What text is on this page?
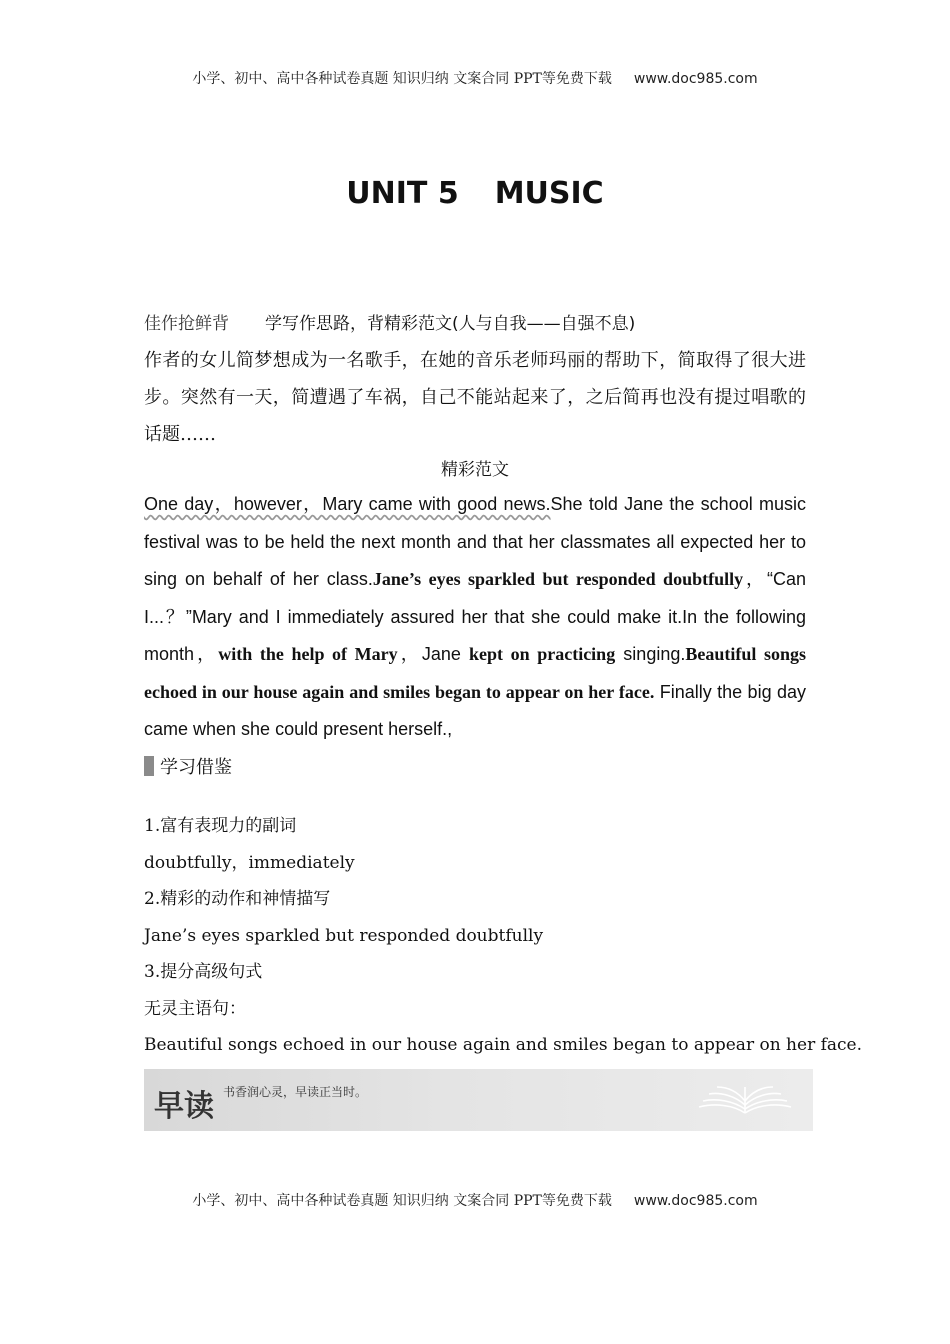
小学、初中、高中各种试卷真题 知识归纳 文案合同 PPT等免费下载 www.doc985.com
UNIT 5 MUSIC
佳作抢鲜背 学写作思路，背精彩范文(人与自我——自强不息)
作者的女儿简梦想成为一名歌手，在她的音乐老师玛丽的帮助下，简取得了很大进步。突然有一天，简遭遇了车祸，自己不能站起来了，之后简再也没有提过唱歌的话题……
精彩范文
One day，however，Mary came with good news.She told Jane the school music festival was to be held the next month and that her classmates all expected her to sing on behalf of her class.Jane’s eyes sparkled but responded doubtfully，“Can I...？”Mary and I immediately assured her that she could make it.In the following month，with the help of Mary，Jane kept on practicing singing.Beautiful songs echoed in our house again and smiles began to appear on her face. Finally the big day came when she could present herself.,
学习借鉴
1.富有表现力的副词
doubtfully，immediately
2.精彩的动作和神情描写
Jane’s eyes sparkled but responded doubtfully
3.提分高级句式
无灵主语句：
Beautiful songs echoed in our house again and smiles began to appear on her face.
早读 书香润心灵，早读正当时。
小学、初中、高中各种试卷真题 知识归纳 文案合同 PPT等免费下载 www.doc985.com
